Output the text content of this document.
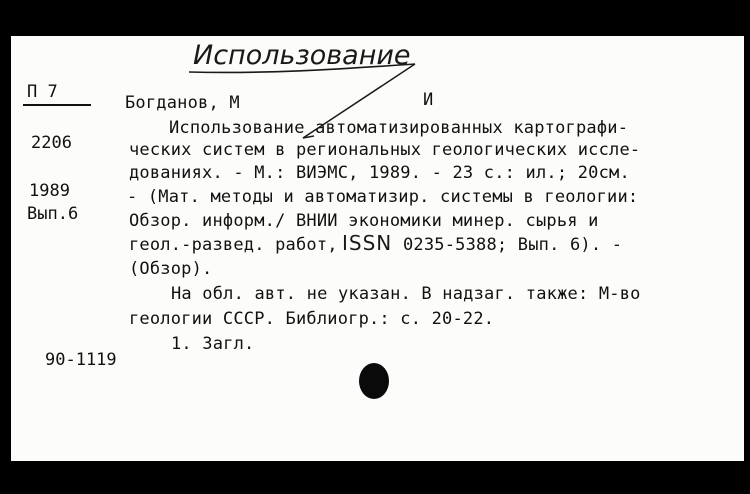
Использование
П 7
2206
1989
Вып.6
90-1119
Богданов, М	И
Использование автоматизированных картографи-
ческих систем в региональных геологических иссле-
дованиях. - М.: ВИЭМС, 1989. - 23 с.: ил.; 20см.
- (Мат. методы и автоматизир. системы в геологии:
Обзор. информ./ ВНИИ экономики минер. сырья и
геол.-развед. работ, ISSN 0235-5388; Вып. 6). -
(Обзор).
На обл. авт. не указан. В надзаг. также: М-во
геологии СССР. Библиогр.: с. 20-22.
1. Загл.
